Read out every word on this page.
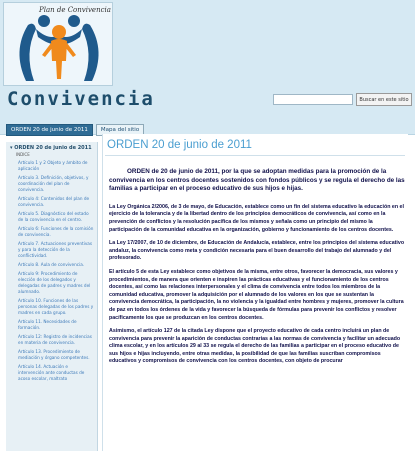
Plan de Convivencia
Convivencia	Buscar en este sitio
ORDEN 20 de junio de 2011 Mapa del sitio
▾ ORDEN 20 de junio de 2011
INDICE
Artículo 1 y 2 Objeto y ámbito de aplicación
Artículo 3. Definición, objetivos, y coordinación del plan de convivencia.
Artículo 4: Contenidos del plan de convivencia.
Artículo 5. Diagnóstico del estado de la convivencia en el centro.
Artículo 6: Funciones de la comisión de convivencia.
Artículo 7. Actuaciones preventivas y para la detección de la conflictividad.
Artículo 8. Aula de convivencia.
Artículo 9: Procedimiento de elección de los delegados y delegadas de padres y madres del alumnado.
Artículo 10. Funciones de las personas delegadas de los padres y madres en cada grupo.
Artículo 11. Necesidades de formación.
Artículo 12: Registro de incidencias en materia de convivencia.
Artículo 13. Procedimiento de mediación y órgano competentes.
Artículo 14. Actuación e intervención ante conductas de acoso escolar, maltrato
ORDEN 20 de junio de 2011

ORDEN de 20 de junio de 2011, por la que se adoptan medidas para la promoción de la convivencia en los centros docentes sostenidos con fondos públicos y se regula el derecho de las familias a participar en el proceso educativo de sus hijos e hijas.

La Ley Orgánica 2/2006, de 3 de mayo, de Educación, establece como un fin del sistema educativo la educación en el ejercicio de la tolerancia y de la libertad dentro de los principios democráticos de convivencia, así como en la prevención de conflictos y la resolución pacífica de los mismos y señala como un principio del mismo la participación de la comunidad educativa en la organización, gobierno y funcionamiento de los centros docentes.

La Ley 17/2007, de 10 de diciembre, de Educación de Andalucía, establece, entre los principios del sistema educativo andaluz, la convivencia como meta y condición necesaria para el buen desarrollo del trabajo del alumnado y del profesorado.

El artículo 5 de esta Ley establece como objetivos de la misma, entre otros, favorecer la democracia, sus valores y procedimientos, de manera que orienten e inspiren las prácticas educativas y el funcionamiento de los centros docentes, así como las relaciones interpersonales y el clima de convivencia entre todos los miembros de la comunidad educativa, promover la adquisición por el alumnado de los valores en los que se sustentan la convivencia democrática, la participación, la no violencia y la igualdad entre hombres y mujeres, promover la cultura de paz en todos los órdenes de la vida y favorecer la búsqueda de fórmulas para prevenir los conflictos y resolver pacíficamente los que se produzcan en los centros docentes.

Asimismo, el artículo 127 de la citada Ley dispone que el proyecto educativo de cada centro incluirá un plan de convivencia para prevenir la aparición de conductas contrarias a las normas de convivencia y facilitar un adecuado clima escolar, y en los artículos 29 al 33 se regula el derecho de las familias a participar en el proceso educativo de sus hijos e hijas incluyendo, entre otras medidas, la posibilidad de que las familias suscriban compromisos educativos y compromisos de convivencia con los centros docentes, con objeto de procurar
